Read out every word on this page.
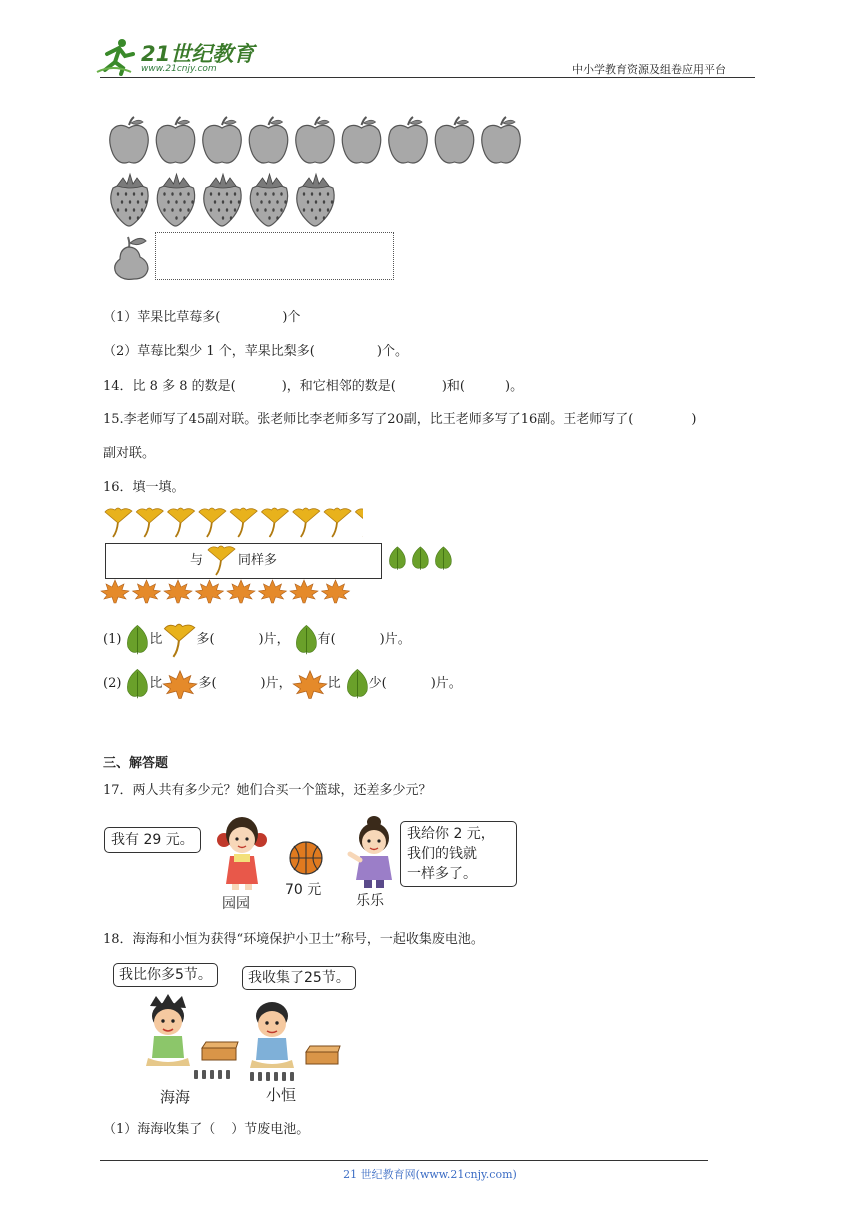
21世纪教育
www.21cnjy.com	中小学教育资源及组卷应用平台
（1）苹果比草莓多(	)个
（2）草莓比梨少 1 个，苹果比梨多(	)个。
14．比 8 多 8 的数是(	)，和它相邻的数是(	)和(	)。
15.李老师写了45副对联。张老师比李老师多写了20副，比王老师多写了16副。王老师写了(	)
副对联。
16．填一填。
与	同样多
(1) 比	多(	)片， 有(	)片。
(2) 比	多(	)片，	比 少(	)片。
三、解答题
17．两人共有多少元？她们合买一个篮球，还差多少元？
我有 29 元。
70 元
我给你 2 元，
我们的钱就
一样多了。
园园	乐乐
18．海海和小恒为获得“环境保护小卫士”称号，一起收集废电池。
我比你多5节。	我收集了25节。
海海	小恒
（1）海海收集了（ ）节废电池。
21 世纪教育网(www.21cnjy.com)
